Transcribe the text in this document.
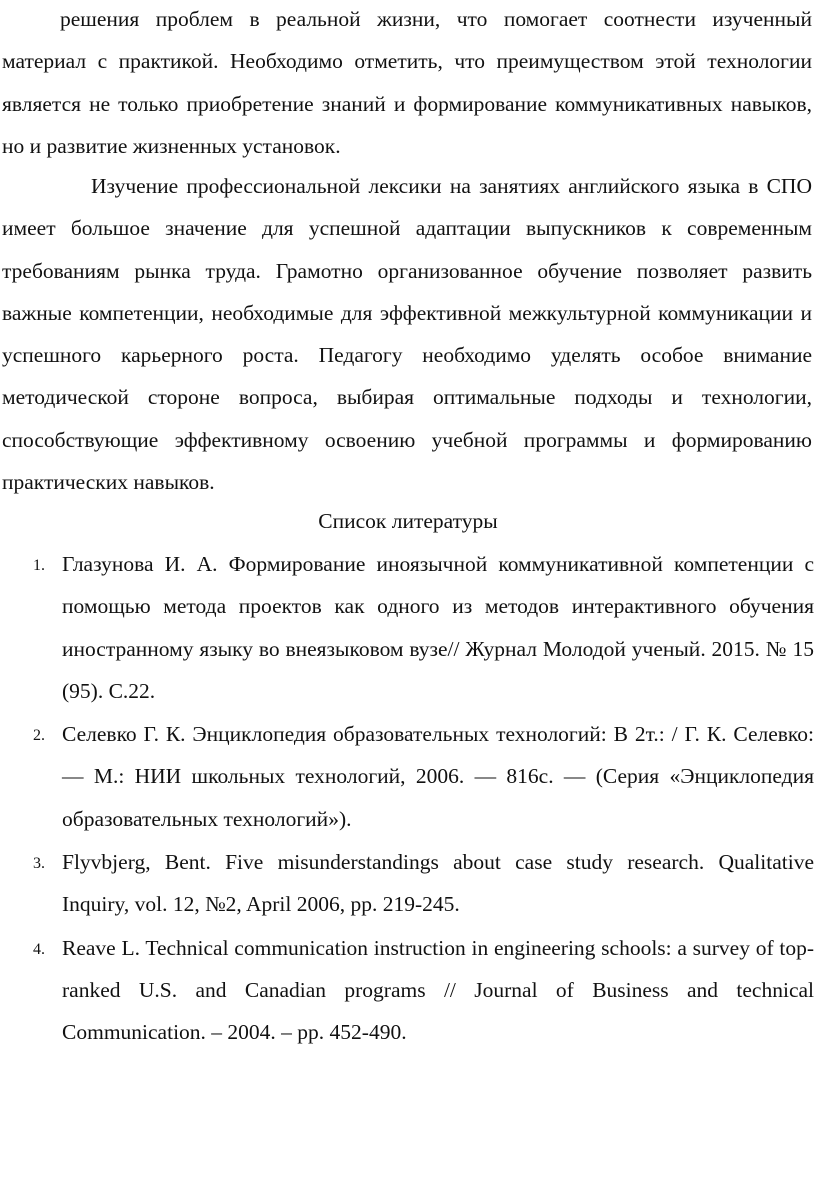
решения проблем в реальной жизни, что помогает соотнести изученный материал с практикой. Необходимо отметить, что преимуществом этой технологии является не только приобретение знаний и формирование коммуникативных навыков, но и развитие жизненных установок.

Изучение профессиональной лексики на занятиях английского языка в СПО имеет большое значение для успешной адаптации выпускников к современным требованиям рынка труда. Грамотно организованное обучение позволяет развить важные компетенции, необходимые для эффективной межкультурной коммуникации и успешного карьерного роста. Педагогу необходимо уделять особое внимание методической стороне вопроса, выбирая оптимальные подходы и технологии, способствующие эффективному освоению учебной программы и формированию практических навыков.

Список литературы

1. Глазунова И. А. Формирование иноязычной коммуникативной компетенции с помощью метода проектов как одного из методов интерактивного обучения иностранному языку во внеязыковом вузе// Журнал Молодой ученый. 2015. № 15 (95). С.22.
2. Селевко Г. К. Энциклопедия образовательных технологий: В 2т.: / Г. К. Селевко: — М.: НИИ школьных технологий, 2006. — 816с. — (Серия «Энциклопедия образовательных технологий»).
3. Flyvbjerg, Bent. Five misunderstandings about case study research. Qualitative Inquiry, vol. 12, №2, April 2006, pp. 219-245.
4. Reave L. Technical communication instruction in engineering schools: a survey of top-ranked U.S. and Canadian programs // Journal of Business and technical Communication. – 2004. – pp. 452-490.
